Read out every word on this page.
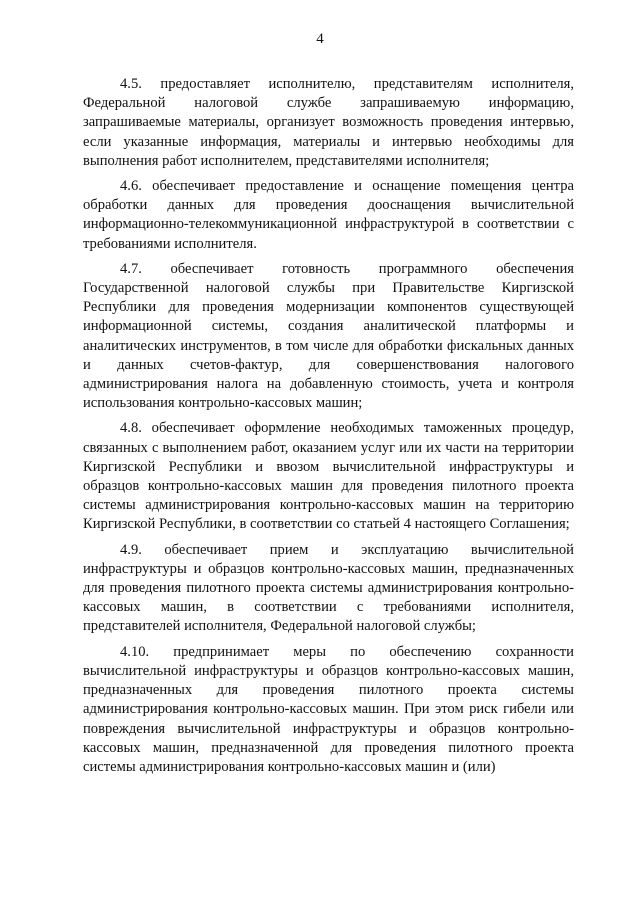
4

4.5. предоставляет исполнителю, представителям исполнителя, Федеральной налоговой службе запрашиваемую информацию, запрашиваемые материалы, организует возможность проведения интервью, если указанные информация, материалы и интервью необходимы для выполнения работ исполнителем, представителями исполнителя;

4.6. обеспечивает предоставление и оснащение помещения центра обработки данных для проведения дооснащения вычислительной информационно-телекоммуникационной инфраструктурой в соответствии с требованиями исполнителя.

4.7. обеспечивает готовность программного обеспечения Государственной налоговой службы при Правительстве Киргизской Республики для проведения модернизации компонентов существующей информационной системы, создания аналитической платформы и аналитических инструментов, в том числе для обработки фискальных данных и данных счетов-фактур, для совершенствования налогового администрирования налога на добавленную стоимость, учета и контроля использования контрольно-кассовых машин;

4.8. обеспечивает оформление необходимых таможенных процедур, связанных с выполнением работ, оказанием услуг или их части на территории Киргизской Республики и ввозом вычислительной инфраструктуры и образцов контрольно-кассовых машин для проведения пилотного проекта системы администрирования контрольно-кассовых машин на территорию Киргизской Республики, в соответствии со статьей 4 настоящего Соглашения;

4.9. обеспечивает прием и эксплуатацию вычислительной инфраструктуры и образцов контрольно-кассовых машин, предназначенных для проведения пилотного проекта системы администрирования контрольно-кассовых машин, в соответствии с требованиями исполнителя, представителей исполнителя, Федеральной налоговой службы;

4.10. предпринимает меры по обеспечению сохранности вычислительной инфраструктуры и образцов контрольно-кассовых машин, предназначенных для проведения пилотного проекта системы администрирования контрольно-кассовых машин. При этом риск гибели или повреждения вычислительной инфраструктуры и образцов контрольно-кассовых машин, предназначенной для проведения пилотного проекта системы администрирования контрольно-кассовых машин и (или)
